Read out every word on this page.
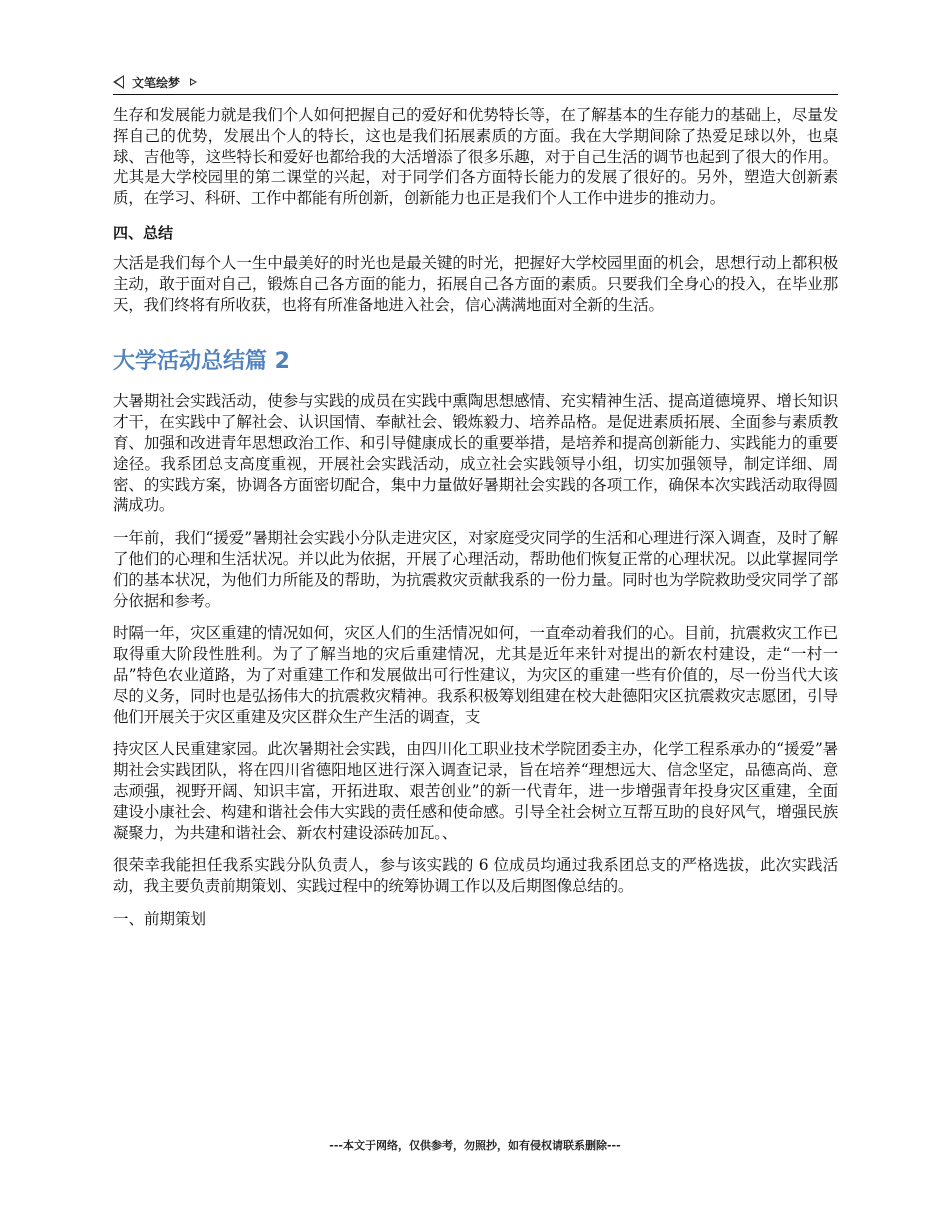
文笔绘梦

生存和发展能力就是我们个人如何把握自己的爱好和优势特长等，在了解基本的生存能力的基础上，尽量发挥自己的优势，发展出个人的特长，这也是我们拓展素质的方面。我在大学期间除了热爱足球以外，也桌球、吉他等，这些特长和爱好也都给我的大活增添了很多乐趣，对于自己生活的调节也起到了很大的作用。尤其是大学校园里的第二课堂的兴起，对于同学们各方面特长能力的发展了很好的。另外，塑造大创新素质，在学习、科研、工作中都能有所创新，创新能力也正是我们个人工作中进步的推动力。

四、总结

大活是我们每个人一生中最美好的时光也是最关键的时光，把握好大学校园里面的机会，思想行动上都积极主动，敢于面对自己，锻炼自己各方面的能力，拓展自己各方面的素质。只要我们全身心的投入，在毕业那天，我们终将有所收获，也将有所准备地进入社会，信心满满地面对全新的生活。

大学活动总结篇 2

大暑期社会实践活动，使参与实践的成员在实践中熏陶思想感情、充实精神生活、提高道德境界、增长知识才干，在实践中了解社会、认识国情、奉献社会、锻炼毅力、培养品格。是促进素质拓展、全面参与素质教育、加强和改进青年思想政治工作、和引导健康成长的重要举措，是培养和提高创新能力、实践能力的重要途径。我系团总支高度重视，开展社会实践活动，成立社会实践领导小组，切实加强领导，制定详细、周密、的实践方案，协调各方面密切配合，集中力量做好暑期社会实践的各项工作，确保本次实践活动取得圆满成功。

一年前，我们“援爱”暑期社会实践小分队走进灾区，对家庭受灾同学的生活和心理进行深入调查，及时了解了他们的心理和生活状况。并以此为依据，开展了心理活动，帮助他们恢复正常的心理状况。以此掌握同学们的基本状况，为他们力所能及的帮助，为抗震救灾贡献我系的一份力量。同时也为学院救助受灾同学了部分依据和参考。

时隔一年，灾区重建的情况如何，灾区人们的生活情况如何，一直牵动着我们的心。目前，抗震救灾工作已取得重大阶段性胜利。为了了解当地的灾后重建情况，尤其是近年来针对提出的新农村建设，走“一村一品”特色农业道路，为了对重建工作和发展做出可行性建议，为灾区的重建一些有价值的，尽一份当代大该尽的义务，同时也是弘扬伟大的抗震救灾精神。我系积极筹划组建在校大赴德阳灾区抗震救灾志愿团，引导他们开展关于灾区重建及灾区群众生产生活的调查，支

持灾区人民重建家园。此次暑期社会实践，由四川化工职业技术学院团委主办，化学工程系承办的“援爱”暑期社会实践团队，将在四川省德阳地区进行深入调查记录，旨在培养“理想远大、信念坚定，品德高尚、意志顽强，视野开阔、知识丰富，开拓进取、艰苦创业”的新一代青年，进一步增强青年投身灾区重建，全面建设小康社会、构建和谐社会伟大实践的责任感和使命感。引导全社会树立互帮互助的良好风气，增强民族凝聚力，为共建和谐社会、新农村建设添砖加瓦。、

很荣幸我能担任我系实践分队负责人，参与该实践的 6 位成员均通过我系团总支的严格选拔，此次实践活动，我主要负责前期策划、实践过程中的统筹协调工作以及后期图像总结的。

一、前期策划

---本文于网络，仅供参考，勿照抄，如有侵权请联系删除---
